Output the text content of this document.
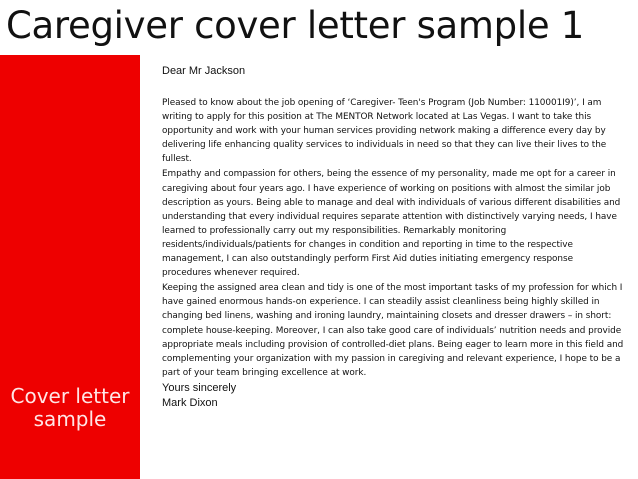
Caregiver cover letter sample 1
Cover letter
sample
Dear Mr Jackson

Pleased to know about the job opening of ‘Caregiver- Teen's Program (Job Number: 110001I9)’, I am writing to apply for this position at The MENTOR Network located at Las Vegas. I want to take this opportunity and work with your human services providing network making a difference every day by delivering life enhancing quality services to individuals in need so that they can live their lives to the fullest.

Empathy and compassion for others, being the essence of my personality, made me opt for a career in caregiving about four years ago. I have experience of working on positions with almost the similar job description as yours. Being able to manage and deal with individuals of various different disabilities and understanding that every individual requires separate attention with distinctively varying needs, I have learned to professionally carry out my responsibilities. Remarkably monitoring residents/individuals/patients for changes in condition and reporting in time to the respective management, I can also outstandingly perform First Aid duties initiating emergency response procedures whenever required.

Keeping the assigned area clean and tidy is one of the most important tasks of my profession for which I have gained enormous hands-on experience. I can steadily assist cleanliness being highly skilled in changing bed linens, washing and ironing laundry, maintaining closets and dresser drawers – in short: complete house-keeping. Moreover, I can also take good care of individuals’ nutrition needs and provide appropriate meals including provision of controlled-diet plans. Being eager to learn more in this field and complementing your organization with my passion in caregiving and relevant experience, I hope to be a part of your team bringing excellence at work.

Yours sincerely
Mark Dixon
